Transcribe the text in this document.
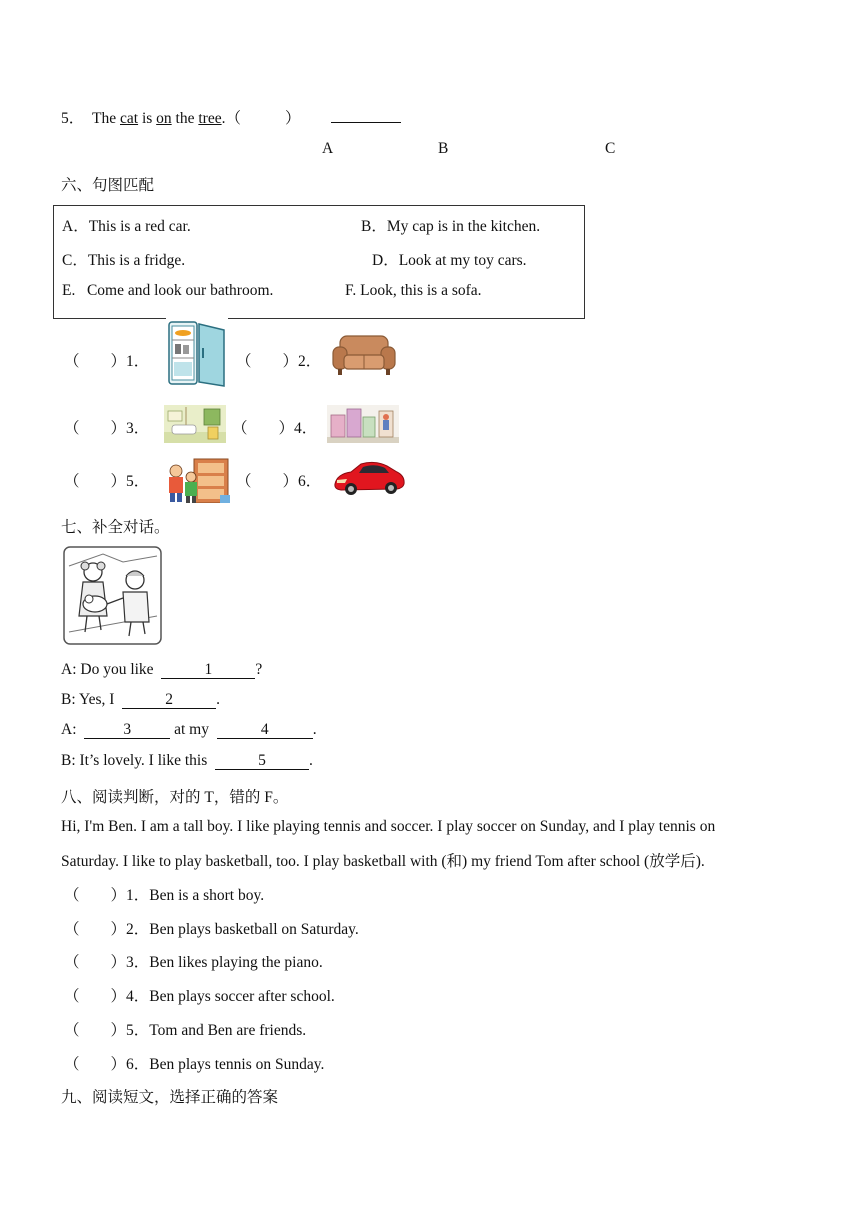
5． The cat is on the tree.（	）
A	B	C
六、句图匹配
A．This is a red car.	B．My cap is in the kitchen.
C．This is a fridge.	D．Look at my toy cars.
E.   Come and look our bathroom.	F. Look, this is a sofa.
（　　）1．	（　　）2．
（　　）3．	（　　）4．
（　　）5．	（　　）6．
七、补全对话。
A: Do you like	1	?
B: Yes, I	2	.
A:	3	at my	4	.
B: It’s lovely. I like this	5	.
八、阅读判断，对的 T，错的 F。
Hi, I'm Ben. I am a tall boy. I like playing tennis and soccer. I play soccer on Sunday, and I play tennis on
Saturday. I like to play basketball, too. I play basketball with (和) my friend Tom after school (放学后).
（　　）1．Ben is a short boy.
（　　）2．Ben plays basketball on Saturday.
（　　）3．Ben likes playing the piano.
（　　）4．Ben plays soccer after school.
（　　）5．Tom and Ben are friends.
（　　）6．Ben plays tennis on Sunday.
九、阅读短文，选择正确的答案
